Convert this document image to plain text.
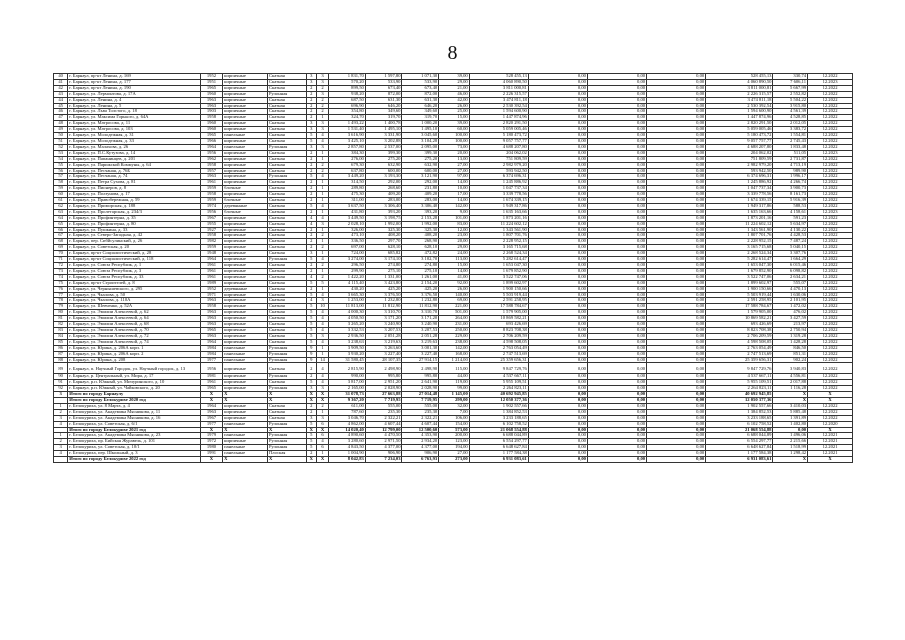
8
40	г. Барнаул, пр-кт Ленина, д. 169	1952	кирпичные	Скатная	3	3	1 831,70	1 597,80	1 071,30	39,00	528 455,13	0,00	0,00	0,00	528 455,13	330,74	12.2022
41	г. Барнаул, пр-кт Ленина, д. 177	1951	кирпичные	Скатная	3	3	570,20	533,90	533,90	29,00	4 060 890,50	0,00	0,00	0,00	4 060 890,50	7 606,11	12.2023
42	г. Барнаул, пр-кт Ленина, д. 190	1965	кирпичные	Скатная	2	2	899,50	673,40	673,40	21,00	3 811 000,81	0,00	0,00	0,00	3 811 000,81	5 667,99	12.2022
43	г. Барнаул, ул. Лермонтова, д. 17А	1960	кирпичные	Рулонная	2	3	938,20	872,00	872,00	46,00	2 226 315,57	0,00	0,00	0,00	2 226 315,57	2 552,82	12.2022
44	г. Барнаул, ул. Ленина, д. 4	1963	кирпичные	Скатная	2	2	687,50	631,30	631,30	42,00	3 474 811,18	0,00	0,00	0,00	3 474 811,18	5 504,22	12.2022
45	г. Барнаул, ул. Ленина, д. 5	1963	кирпичные	Скатная	2	2	696,90	646,20	646,20	26,00	2 530 392,54	0,00	0,00	0,00	2 530 392,54	3 915,80	12.2022
46	г. Барнаул, ул. Льва Толстого, д. 18	1903	кирпичные	Скатная	2	2	354,80	349,60	349,60	25,00	1 594 600,90	0,00	0,00	0,00	1 594 600,90	4 561,39	12.2022
47	г. Барнаул, ул. Максима Горького, д. 64А	1958	кирпичные	Скатная	2	1	324,70	319,70	319,70	15,00	1 447 874,96	0,00	0,00	0,00	1 447 874,96	4 528,85	12.2022
48	г. Барнаул, ул. Матросова, д. 11	1960	кирпичные	Скатная	3	3	1 493,22	1 400,78	1 000,20	39,00	2 820 291,50	0,00	0,00	0,00	2 820 291,50	2 012,05	12.2022
49	г. Барнаул, ул. Матросова, д. 103	1960	кирпичные	Скатная	3	3	1 531,40	1 495,10	1 495,10	60,00	5 059 005,46	0,00	0,00	0,00	5 059 005,46	3 383,72	12.2022
50	г. Барнаул, ул. Молодежная, д. 31	1965	панельные	Скатная	5	4	3 616,90	3 331,90	3 045,60	100,00	5 180 473,72	0,00	0,00	0,00	5 180 473,72	1 554,81	12.2022
51	г. Барнаул, ул. Молодежная, д. 33	1966	кирпичные	Скатная	5	4	3 425,10	3 202,88	3 104,28	100,00	9 057 757,77	0,00	0,00	0,00	9 057 757,77	2 745,43	12.2022
52	г. Барнаул, ул. Малахова, д. 26	1964	панельные	Рулонная	3	3	2 857,80	2 537,00	2 095,00	73,00	4 688 207,80	0,00	0,00	0,00	4 688 207,80	1 833,48	12.2022
53	г. Барнаул, ул. П.С.Кутузова, д. 14	1956	кирпичные	Скатная	2	1	384,30	399,30	399,30	20,00	204 062,02	0,00	0,00	0,00	204 062,02	511,05	12.2023
54	г. Барнаул, ул. Папанинцев, д. 201	1962	кирпичные	Скатная	2	1	276,00	275,20	275,20	13,00	751 809,59	0,00	0,00	0,00	751 809,59	2 731,87	12.2022
55	г. Барнаул, ул. Парижской Коммуны, д. 64	1958	кирпичные	Скатная	2	2	679,30	632,90	632,90	27,00	2 982 979,20	0,00	0,00	0,00	2 982 979,20	4 713,19	12.2022
56	г. Барнаул, ул. Песчаная, д. 76Б	1957	кирпичные	Скатная	2	2	637,80	600,00	600,00	27,00	593 942,50	0,00	0,00	0,00	593 942,50	989,90	12.2022
57	г. Барнаул, ул. Песчаная, д. 74	1963	кирпичные	Рулонная	5	4	3 449,20	3 193,30	3 121,90	97,00	6 374 696,31	0,00	0,00	0,00	6 374 696,31	1 996,17	12.2022
58	г. Барнаул, ул. Петра Сухова, д. 81	1961	кирпичные	Скатная	2	1	314,50	292,00	292,00	14,00	1 245 886,92	0,00	0,00	0,00	1 245 886,92	4 266,74	12.2022
59	г. Барнаул, ул. Пионеров, д. 8	1959	блочные	Скатная	2	1	289,80	268,60	231,80	10,00	1 047 737,34	0,00	0,00	0,00	1 047 737,34	3 900,73	12.2022
60	г. Барнаул, ул. Ползунова, д. 17	1958	кирпичные	Скатная	2	1	475,30	409,20	409,20	17,00	3 339 778,56	0,00	0,00	0,00	3 339 778,56	8 161,73	12.2022
61	г. Барнаул, ул. Правобережная, д. 59	1959	блочные	Скатная	2	1	311,00	283,00	283,00	14,00	1 674 339,15	0,00	0,00	0,00	1 674 339,15	5 916,39	12.2022
62	г. Барнаул, ул. Приморская, д. 188	1974	деревянные	Скатная	5	4	3 637,50	3 306,40	3 306,40	142,00	1 949 317,86	0,00	0,00	0,00	1 949 317,86	588,53	12.2022
63	г. Барнаул, ул. Пролетарская, д. 234/3	1956	блочные	Скатная	2	1	431,80	393,20	393,20	9,00	1 635 163,66	0,00	0,00	0,00	1 635 163,66	4 158,61	12.2023
64	г. Барнаул, ул. Профинтерна, д. 35	1967	кирпичные	Скатная	4	4	3 449,50	3 198,75	2 153,28	101,00	1 873 201,16	0,00	0,00	0,00	1 873 201,16	591,23	12.2022
65	г. Барнаул, ул. Профинтерна, д. 80	1955	кирпичные	Скатная	4	3	2 028,10	1 992,00	1 992,00	83,00	11 224 602,12	0,00	0,00	0,00	11 224 602,12	5 634,97	12.2022
66	г. Барнаул, ул. Пушкина, д. 33	1927	кирпичные	Скатная	2	1	326,00	325,30	325,30	12,00	1 343 561,90	0,00	0,00	0,00	1 343 561,90	4 130,22	12.2022
67	г. Барнаул, ул. Северо-Западная, д. 42	1958	кирпичные	Скатная	2	2	473,10	408,20	408,20	23,00	1 807 701,76	0,00	0,00	0,00	1 807 701,76	4 428,53	12.2022
68	г. Барнаул, пер. Сибйсулинский, д. 26	1982	кирпичные	Скатная	2	1	336,50	297,70	268,90	20,00	2 228 952,15	0,00	0,00	0,00	2 228 952,15	7 487,24	12.2022
69	г. Барнаул, ул. Советская, д. 20	1959	кирпичные	Скатная	2	2	697,00	628,10	628,10	29,00	3 165 715,68	0,00	0,00	0,00	3 165 715,68	5 040,15	12.2022
70	г. Барнаул, пр-кт Социалистический, д. 28	1948	кирпичные	Скатная	3	1	724,00	685,82	472,82	24,00	2 268 524,34	0,00	0,00	0,00	2 268 524,34	3 307,76	12.2022
71	г. Барнаул, пр-кт Социалистический, д. 118	1964	кирпичные	Рулонная	5	4	3 274,00	3 174,10	3 102,70	113,00	5 282 614,47	0,00	0,00	0,00	5 282 614,47	1 664,29	12.2022
72	г. Барнаул, ул. Союза Республик, д. 1	1961	кирпичные	Скатная	2	2	296,50	274,80	274,80	15,00	1 653 047,30	0,00	0,00	0,00	1 653 047,30	6 015,46	12.2022
73	г. Барнаул, ул. Союза Республик, д. 3	1961	кирпичные	Скатная	2	1	299,90	275,10	275,10	14,00	1 679 852,90	0,00	0,00	0,00	1 679 852,90	6 098,82	12.2022
74	г. Барнаул, ул. Союза Республик, д. 33	1961	кирпичные	Скатная	4	2	1 422,20	1 331,00	1 261,00	41,00	3 522 747,06	0,00	0,00	0,00	3 522 747,06	2 634,21	12.2022
75	г. Барнаул, пр-кт Строителей, д. 8	1989	кирпичные	Скатная	5	5	4 115,40	3 423,80	2 154,20	92,00	1 899 602,97	0,00	0,00	0,00	1 899 602,97	555,07	12.2022
76	г. Барнаул, ул. Чернышевского, д. 295	1952	деревянные	Скатная	2	1	430,20	425,20	425,20	26,00	1 900 150,66	0,00	0,00	0,00	1 900 150,66	4 470,13	12.2022
77	г. Барнаул, ул. Чкалова, д. 50	1971	кирпичные	Скатная	5	4	3 665,30	3 376,50	3 376,50	140,00	5 503 919,44	0,00	0,00	0,00	5 503 919,44	1 630,06	12.2022
78	г. Барнаул, ул. Чкалова, д. 110А	1963	кирпичные	Скатная	4	3	1 253,00	1 232,80	1 232,80	69,00	2 591 258,95	0,00	0,00	0,00	2 591 258,95	2 101,95	12.2022
79	г. Барнаул, ул. Шевченко, д. 52А	1958	кирпичные	Скатная	5	10	11 813,00	11 812,90	11 812,90	221,00	17 588 784,67	0,00	0,00	0,00	17 588 784,67	1 472,02	12.2022
80	г. Барнаул, ул. Эмилии Алексеевой, д. 62	1963	кирпичные	Скатная	5	4	4 000,30	3 310,70	3 310,70	501,00	1 579 905,00	0,00	0,00	0,00	1 579 905,00	476,02	12.2022
81	г. Барнаул, ул. Эмилии Алексеевой, д. 64	1963	кирпичные	Скатная	5	4	4 050,50	3 171,20	3 171,20	264,00	10 869 582,21	0,00	0,00	0,00	10 869 582,21	3 427,59	12.2022
82	г. Барнаул, ул. Эмилии Алексеевой, д. 68	1963	кирпичные	Скатная	5	4	3 265,20	3 240,90	3 240,90	231,00	693 426,69	0,00	0,00	0,00	693 426,69	213,97	12.2022
83	г. Барнаул, ул. Эмилии Алексеевой, д. 70	1965	кирпичные	Скатная	5	4	3 332,53	3 207,53	3 207,53	250,00	8 823 708,38	0,00	0,00	0,00	8 823 708,38	2 750,94	12.2022
84	г. Барнаул, ул. Эмилии Алексеевой, д. 72	1963	кирпичные	Скатная	5	3	2 936,50	2 051,28	2 051,28	229,00	2 706 209,59	0,00	0,00	0,00	2 706 209,59	1 319,28	12.2022
85	г. Барнаул, ул. Эмилии Алексеевой, д. 74	1964	кирпичные	Скатная	5	4	3 238,63	3 219,63	3 219,63	238,00	4 598 508,05	0,00	0,00	0,00	4 598 508,05	1 428,28	12.2022
86	г. Барнаул, ул. Юрина, д. 206А корп. 1	1984	панельные	Рулонная	9	1	3 909,50	3 263,60	3 001,30	142,00	2 763 054,49	0,00	0,00	0,00	2 763 054,49	846,50	12.2022
87	г. Барнаул, ул. Юрина, д. 206А корп. 2	1984	панельные	Рулонная	9	1	3 930,20	3 227,40	3 227,40	168,00	2 747 513,69	0,00	0,00	0,00	2 747 513,69	851,31	12.2022
88	г. Барнаул, ул. Юрина, д. 208	1977	панельные	Рулонная	9	14	31 580,45	28 107,35	27 914,15	1 214,00	25 359 656,31	0,00	0,00	0,00	25 359 656,31	902,24	12.2022
89	г. Барнаул, п. Научный Городок, ул. Научный городок, д. 13	1956	кирпичные	Скатная	2	4	2 815,90	2 498,90	2 498,90	115,00	9 847 729,76	0,00	0,00	0,00	9 847 729,76	3 940,83	12.2022
90	г. Барнаул, р. Центральный, ул. Мира, д. 17	1981	кирпичные	Рулонная	2	4	990,00	995,80	995,80	44,00	4 537 667,11	0,00	0,00	0,00	4 537 667,11	4 556,81	12.2022
91	г. Барнаул, р.п. Южный, ул. Мичуринского, д. 10	1961	кирпичные	Скатная	5	4	3 817,00	2 951,20	2 641,90	119,00	5 955 109,51	0,00	0,00	0,00	5 955 109,51	2 017,88	12.2022
92	г. Барнаул, р.п. Южный, ул. Чайковского, д. 20	1965	кирпичные	Рулонная	3	3	2 165,00	2 028,90	2 028,90	99,00	2 264 823,11	0,00	0,00	0,00	2 264 823,11	1 116,28	12.2022
3	Итого по городу Барнаулу	X	X	X	X	X	31 078,73	27 663,88	27 014,48	1 145,00	40 692 945,85	0,00	0,00	0,00	40 692 945,85	X	X
	Итого по городу Белокурихе 2020 год	X	X	X	X	X	9 367,20	7 719,95	7 719,95	299,00	12 050 377,36	0,00	0,00	0,00	12 050 377,36	X	X
1	г. Белокуриха, ул. 8 Марта, д. 4	1964	кирпичные	Скатная	2	2	611,00	555,00	555,00	32,00	1 902 557,66	0,00	0,00	0,00	1 902 557,66	3 410,03	12.2022
2	г. Белокуриха, ул. Академика Мясникова, д. 11	1963	кирпичные	Скатная	2	1	787,60	235,30	235,30	7,00	1 384 852,53	0,00	0,00	0,00	1 384 852,53	5 885,48	12.2022
3	г. Белокуриха, ул. Академика Мясникова, д. 16	1967	кирпичные	Скатная	3	3	3 046,70	2 322,21	2 322,21	106,00	3 233 188,65	0,00	0,00	0,00	3 233 188,65	1 391,89	12.2022
4	г. Белокуриха, ул. Советская, д. 6/1	1977	панельные	Рулонная	5	6	4 862,00	4 607,44	4 607,44	154,00	6 102 758,52	0,00	0,00	0,00	6 102 758,52	1 402,80	12.2020
	Итого по городу Белокурихе 2021 год	X	X	X	X	X	14 020,40	12 799,00	12 500,60	573,00	21 068 554,88	0,00	0,00	0,00	21 068 554,88	0,00	X
1	г. Белокуриха, ул. Академика Мясникова, д. 23	1979	панельные	Рулонная	5	6	4 890,60	4 470,50	4 353,90	200,00	6 688 044,89	0,00	0,00	0,00	6 688 044,89	1 496,06	12.2021
2	г. Белокуриха, пр. Бийская Журавель, д. 101	1972	кирпичные	Рулонная	5	4	3 280,60	2 971,50	2 934,20	123,00	6 554 297,77	0,00	0,00	0,00	6 554 297,77	2 215,66	12.2021
3	г. Белокуриха, ул. Советская, д. 10/1	1980	панельные	Рулонная	5	6	4 843,50	4 377,00	4 377,00	194,00	6 648 627,84	0,00	0,00	0,00	6 648 627,84	1 518,99	12.2021
4	г. Белокуриха, пер. Школьный, д. 3	1991	панельные	Плоская	2	1	1 004,90	906,90	906,90	27,00	1 177 584,38	0,00	0,00	0,00	1 177 584,38	1 298,42	12.2021
	Итого по городу Белокурихе 2022 год	X	X	X	X	X	8 042,83	7 234,03	6 763,93	273,00	6 931 083,61	0,00	0,00	0,00	6 931 083,61	X	X
